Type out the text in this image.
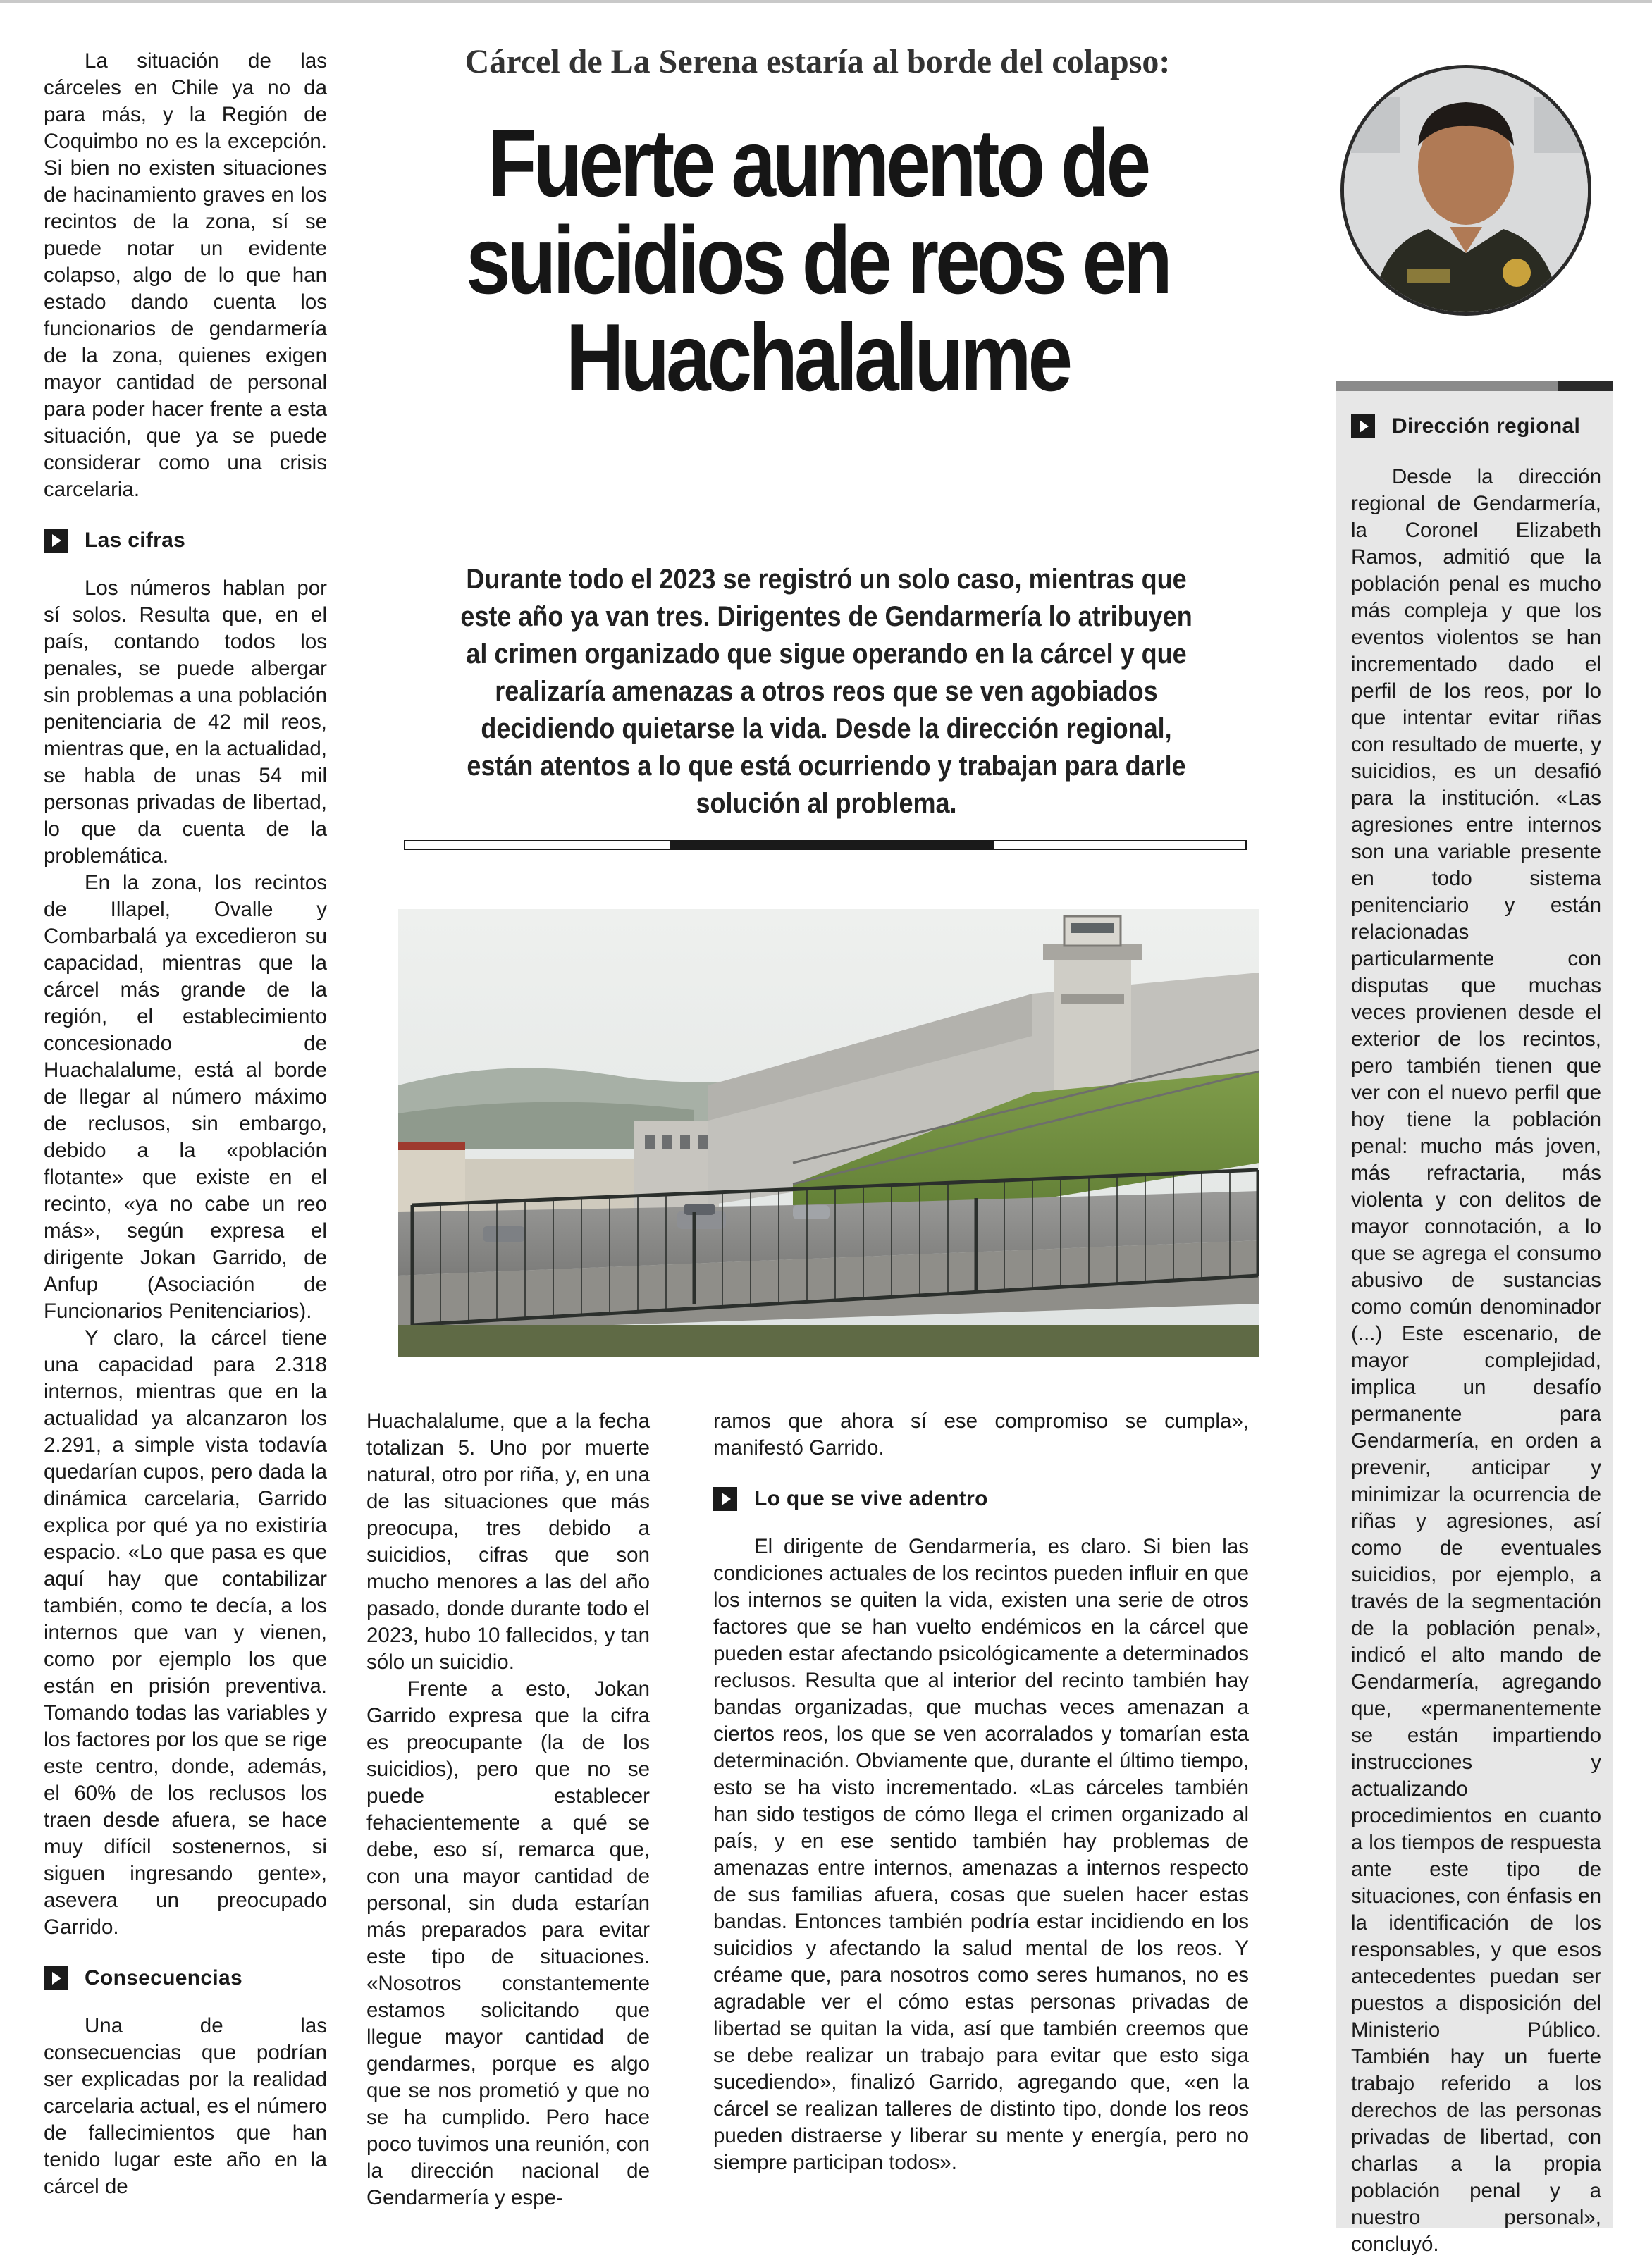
La situación de las cárceles en Chile ya no da para más, y la Región de Coquimbo no es la excepción. Si bien no existen situaciones de hacinamiento graves en los recintos de la zona, sí se puede notar un evidente colapso, algo de lo que han estado dando cuenta los funcionarios de gendarmería de la zona, quienes exigen mayor cantidad de personal para poder hacer frente a esta situación, que ya se puede considerar como una crisis carcelaria.

Las cifras

Los números hablan por sí solos. Resulta que, en el país, contando todos los penales, se puede albergar sin problemas a una población penitenciaria de 42 mil reos, mientras que, en la actualidad, se habla de unas 54 mil personas privadas de libertad, lo que da cuenta de la problemática.

En la zona, los recintos de Illapel, Ovalle y Combarbalá ya excedieron su capacidad, mientras que la cárcel más grande de la región, el establecimiento concesionado de Huachalalume, está al borde de llegar al número máximo de reclusos, sin embargo, debido a la «población flotante» que existe en el recinto, «ya no cabe un reo más», según expresa el dirigente Jokan Garrido, de Anfup (Asociación de Funcionarios Penitenciarios).

Y claro, la cárcel tiene una capacidad para 2.318 internos, mientras que en la actualidad ya alcanzaron los 2.291, a simple vista todavía quedarían cupos, pero dada la dinámica carcelaria, Garrido explica por qué ya no existiría espacio. «Lo que pasa es que aquí hay que contabilizar también, como te decía, a los internos que van y vienen, como por ejemplo los que están en prisión preventiva. Tomando todas las variables y los factores por los que se rige este centro, donde, además, el 60% de los reclusos los traen desde afuera, se hace muy difícil sostenernos, si siguen ingresando gente», asevera un preocupado Garrido.

Consecuencias

Una de las consecuencias que podrían ser explicadas por la realidad carcelaria actual, es el número de fallecimientos que han tenido lugar este año en la cárcel de

Cárcel de La Serena estaría al borde del colapso:
Fuerte aumento de suicidios de reos en Huachalalume
Durante todo el 2023 se registró un solo caso, mientras que este año ya van tres. Dirigentes de Gendarmería lo atribuyen al crimen organizado que sigue operando en la cárcel y que realizaría amenazas a otros reos que se ven agobiados decidiendo quietarse la vida. Desde la dirección regional, están atentos a lo que está ocurriendo y trabajan para darle solución al problema.

Huachalalume, que a la fecha totalizan 5. Uno por muerte natural, otro por riña, y, en una de las situaciones que más preocupa, tres debido a suicidios, cifras que son mucho menores a las del año pasado, donde durante todo el 2023, hubo 10 fallecidos, y tan sólo un suicidio.

Frente a esto, Jokan Garrido expresa que la cifra es preocupante (la de los suicidios), pero que no se puede establecer fehacientemente a qué se debe, eso sí, remarca que, con una mayor cantidad de personal, sin duda estarían más preparados para evitar este tipo de situaciones. «Nosotros constantemente estamos solicitando que llegue mayor cantidad de gendarmes, porque es algo que se nos prometió y que no se ha cumplido. Pero hace poco tuvimos una reunión, con la dirección nacional de Gendarmería y espe-

ramos que ahora sí ese compromiso se cumpla», manifestó Garrido.

Lo que se vive adentro

El dirigente de Gendarmería, es claro. Si bien las condiciones actuales de los recintos pueden influir en que los internos se quiten la vida, existen una serie de otros factores que se han vuelto endémicos en la cárcel que pueden estar afectando psicológicamente a determinados reclusos. Resulta que al interior del recinto también hay bandas organizadas, que muchas veces amenazan a ciertos reos, los que se ven acorralados y tomarían esta determinación. Obviamente que, durante el último tiempo, esto se ha visto incrementado. «Las cárceles también han sido testigos de cómo llega el crimen organizado al país, y en ese sentido también hay problemas de amenazas entre internos, amenazas a internos respecto de sus familias afuera, cosas que suelen hacer estas bandas. Entonces también podría estar incidiendo en los suicidios y afectando la salud mental de los reos. Y créame que, para nosotros como seres humanos, no es agradable ver el cómo estas personas privadas de libertad se quitan la vida, así que también creemos que se debe realizar un trabajo para evitar que esto siga sucediendo», finalizó Garrido, agregando que, «en la cárcel se realizan talleres de distinto tipo, donde los reos pueden distraerse y liberar su mente y energía, pero no siempre participan todos».

Dirección regional

Desde la dirección regional de Gendarmería, la Coronel Elizabeth Ramos, admitió que la población penal es mucho más compleja y que los eventos violentos se han incrementado dado el perfil de los reos, por lo que intentar evitar riñas con resultado de muerte, y suicidios, es un desafió para la institución. «Las agresiones entre internos son una variable presente en todo sistema penitenciario y están relacionadas particularmente con disputas que muchas veces provienen desde el exterior de los recintos, pero también tienen que ver con el nuevo perfil que hoy tiene la población penal: mucho más joven, más refractaria, más violenta y con delitos de mayor connotación, a lo que se agrega el consumo abusivo de sustancias como común denominador (...) Este escenario, de mayor complejidad, implica un desafío permanente para Gendarmería, en orden a prevenir, anticipar y minimizar la ocurrencia de riñas y agresiones, así como de eventuales suicidios, por ejemplo, a través de la segmentación de la población penal», indicó el alto mando de Gendarmería, agregando que, «permanentemente se están impartiendo instrucciones y actualizando procedimientos en cuanto a los tiempos de respuesta ante este tipo de situaciones, con énfasis en la identificación de los responsables, y que esos antecedentes puedan ser puestos a disposición del Ministerio Público. También hay un fuerte trabajo referido a los derechos de las personas privadas de libertad, con charlas a la propia población penal y a nuestro personal», concluyó.
